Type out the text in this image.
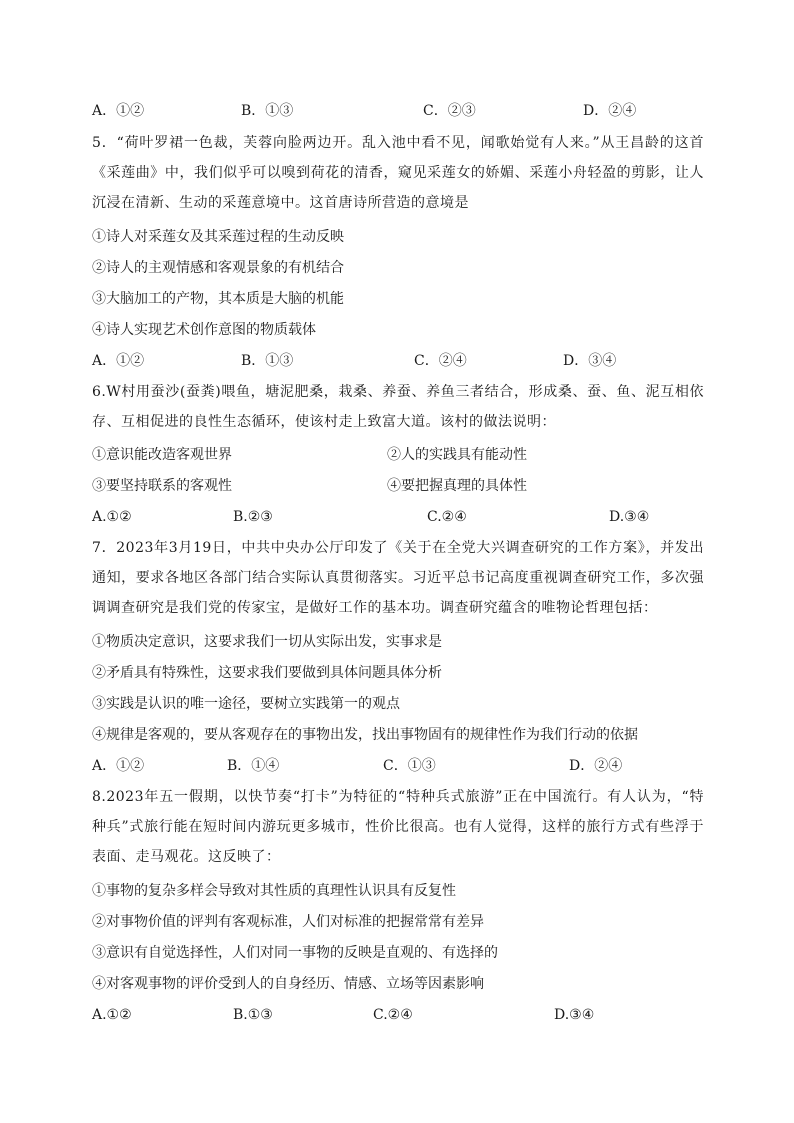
A．①②	B．①③	C．②③	D．②④
5．“荷叶罗裙一色裁，芙蓉向脸两边开。乱入池中看不见，闻歌始觉有人来。”从王昌龄的这首《采莲曲》中，我们似乎可以嗅到荷花的清香，窥见采莲女的娇媚、采莲小舟轻盈的剪影，让人沉浸在清新、生动的采莲意境中。这首唐诗所营造的意境是
①诗人对采莲女及其采莲过程的生动反映
②诗人的主观情感和客观景象的有机结合
③大脑加工的产物，其本质是大脑的机能
④诗人实现艺术创作意图的物质载体
A．①②	B．①③	C．②④	D．③④
6.W村用蚕沙(蚕粪)喂鱼，塘泥肥桑，栽桑、养蚕、养鱼三者结合，形成桑、蚕、鱼、泥互相依存、互相促进的良性生态循环，使该村走上致富大道。该村的做法说明：
①意识能改造客观世界	②人的实践具有能动性
③要坚持联系的客观性	④要把握真理的具体性
A.①②	B.②③	C.②④	D.③④
7．2023年3月19日，中共中央办公厅印发了《关于在全党大兴调查研究的工作方案》，并发出通知，要求各地区各部门结合实际认真贯彻落实。习近平总书记高度重视调查研究工作，多次强调调查研究是我们党的传家宝，是做好工作的基本功。调查研究蕴含的唯物论哲理包括：
①物质决定意识，这要求我们一切从实际出发，实事求是
②矛盾具有特殊性，这要求我们要做到具体问题具体分析
③实践是认识的唯一途径，要树立实践第一的观点
④规律是客观的，要从客观存在的事物出发，找出事物固有的规律性作为我们行动的依据
A．①②	B．①④	C．①③	D．②④
8.2023年五一假期，以快节奏“打卡”为特征的“特种兵式旅游”正在中国流行。有人认为，“特种兵”式旅行能在短时间内游玩更多城市，性价比很高。也有人觉得，这样的旅行方式有些浮于表面、走马观花。这反映了：
①事物的复杂多样会导致对其性质的真理性认识具有反复性
②对事物价值的评判有客观标准，人们对标准的把握常常有差异
③意识有自觉选择性，人们对同一事物的反映是直观的、有选择的
④对客观事物的评价受到人的自身经历、情感、立场等因素影响
A.①②	B.①③	C.②④	D.③④
